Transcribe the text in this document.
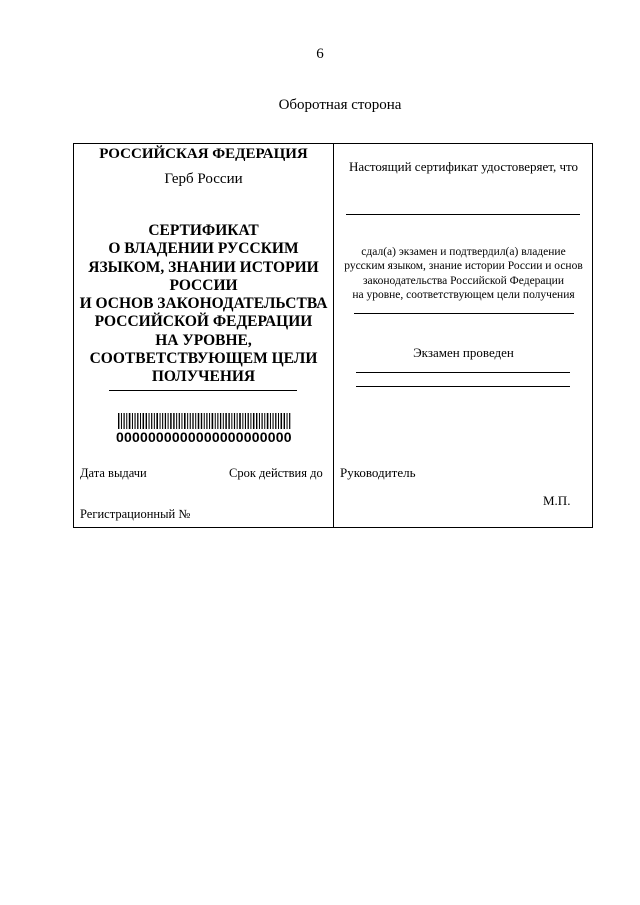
6
Оборотная сторона
РОССИЙСКАЯ ФЕДЕРАЦИЯ
Герб России
СЕРТИФИКАТ
О ВЛАДЕНИИ РУССКИМ
ЯЗЫКОМ, ЗНАНИИ ИСТОРИИ
РОССИИ
И ОСНОВ ЗАКОНОДАТЕЛЬСТВА
РОССИЙСКОЙ ФЕДЕРАЦИИ
НА УРОВНЕ,
СООТВЕТСТВУЮЩЕМ ЦЕЛИ
ПОЛУЧЕНИЯ
0000000000000000000000
Дата выдачи	Срок действия до
Регистрационный №
Настоящий сертификат удостоверяет, что

сдал(а) экзамен и подтвердил(а) владение
русским языком, знание истории России и основ
законодательства Российской Федерации
на уровне, соответствующем цели получения

Экзамен проведен
Руководитель
М.П.
